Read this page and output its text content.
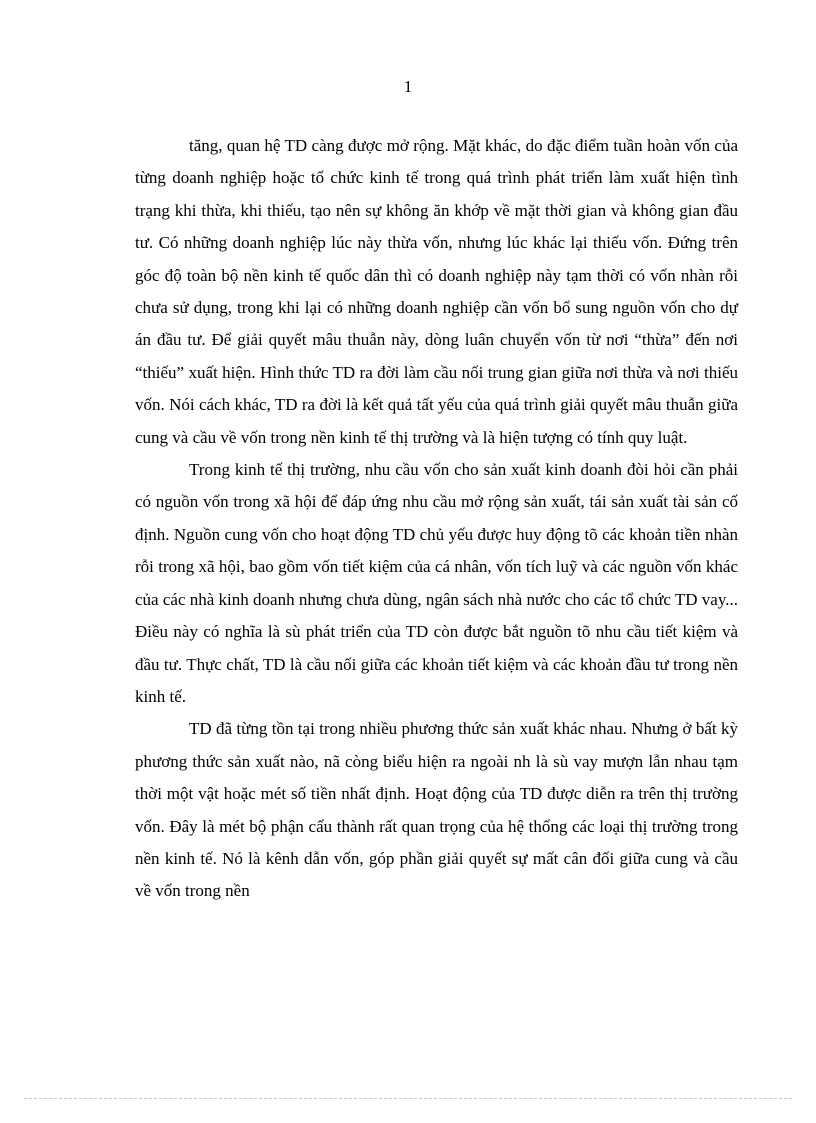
1

tăng, quan hệ TD càng được mở rộng. Mặt khác, do đặc điểm tuần hoàn vốn của từng doanh nghiệp hoặc tổ chức kinh tế trong quá trình phát triển làm xuất hiện tình trạng khi thừa, khi thiếu, tạo nên sự không ăn khớp về mặt thời gian và không gian đầu tư. Có những doanh nghiệp lúc này thừa vốn, nhưng lúc khác lại thiếu vốn. Đứng trên góc độ toàn bộ nền kinh tế quốc dân thì có doanh nghiệp này tạm thời có vốn nhàn rỗi chưa sử dụng, trong khi lại có những doanh nghiệp cần vốn bổ sung nguồn vốn cho dự án đầu tư. Để giải quyết mâu thuẫn này, dòng luân chuyển vốn từ nơi “thừa” đến nơi “thiếu” xuất hiện. Hình thức TD ra đời làm cầu nối trung gian giữa nơi thừa và nơi thiếu vốn. Nói cách khác, TD ra đời là kết quả tất yếu của quá trình giải quyết mâu thuẫn giữa cung và cầu về vốn trong nền kinh tế thị trường và là hiện tượng có tính quy luật.

Trong kinh tế thị trường, nhu cầu vốn cho sản xuất kinh doanh đòi hỏi cần phải có nguồn vốn trong xã hội để đáp ứng nhu cầu mở rộng sản xuất, tái sản xuất tài sản cố định. Nguồn cung vốn cho hoạt động TD chủ yếu được huy động tõ các khoản tiền nhàn rỗi trong xã hội, bao gồm vốn tiết kiệm của cá nhân, vốn tích luỹ và các nguồn vốn khác của các nhà kinh doanh nhưng chưa dùng, ngân sách nhà nước cho các tổ chức TD vay... Điều này có nghĩa là sù phát triển của TD còn được bắt nguồn tõ nhu cầu tiết kiệm và đầu tư. Thực chất, TD là cầu nối giữa các khoản tiết kiệm và các khoản đầu tư trong nền kinh tế.

TD đã từng tồn tại trong nhiều phương thức sản xuất khác nhau. Nhưng ở bất kỳ phương thức sản xuất nào, nã còng biểu hiện ra ngoài nh là sù vay mượn lẫn nhau tạm thời một vật hoặc mét số tiền nhất định. Hoạt động của TD được diễn ra trên thị trường vốn. Đây là mét bộ phận cấu thành rất quan trọng của hệ thống các loại thị trường trong nền kinh tế. Nó là kênh dẫn vốn, góp phần giải quyết sự mất cân đối giữa cung và cầu về vốn trong nền
